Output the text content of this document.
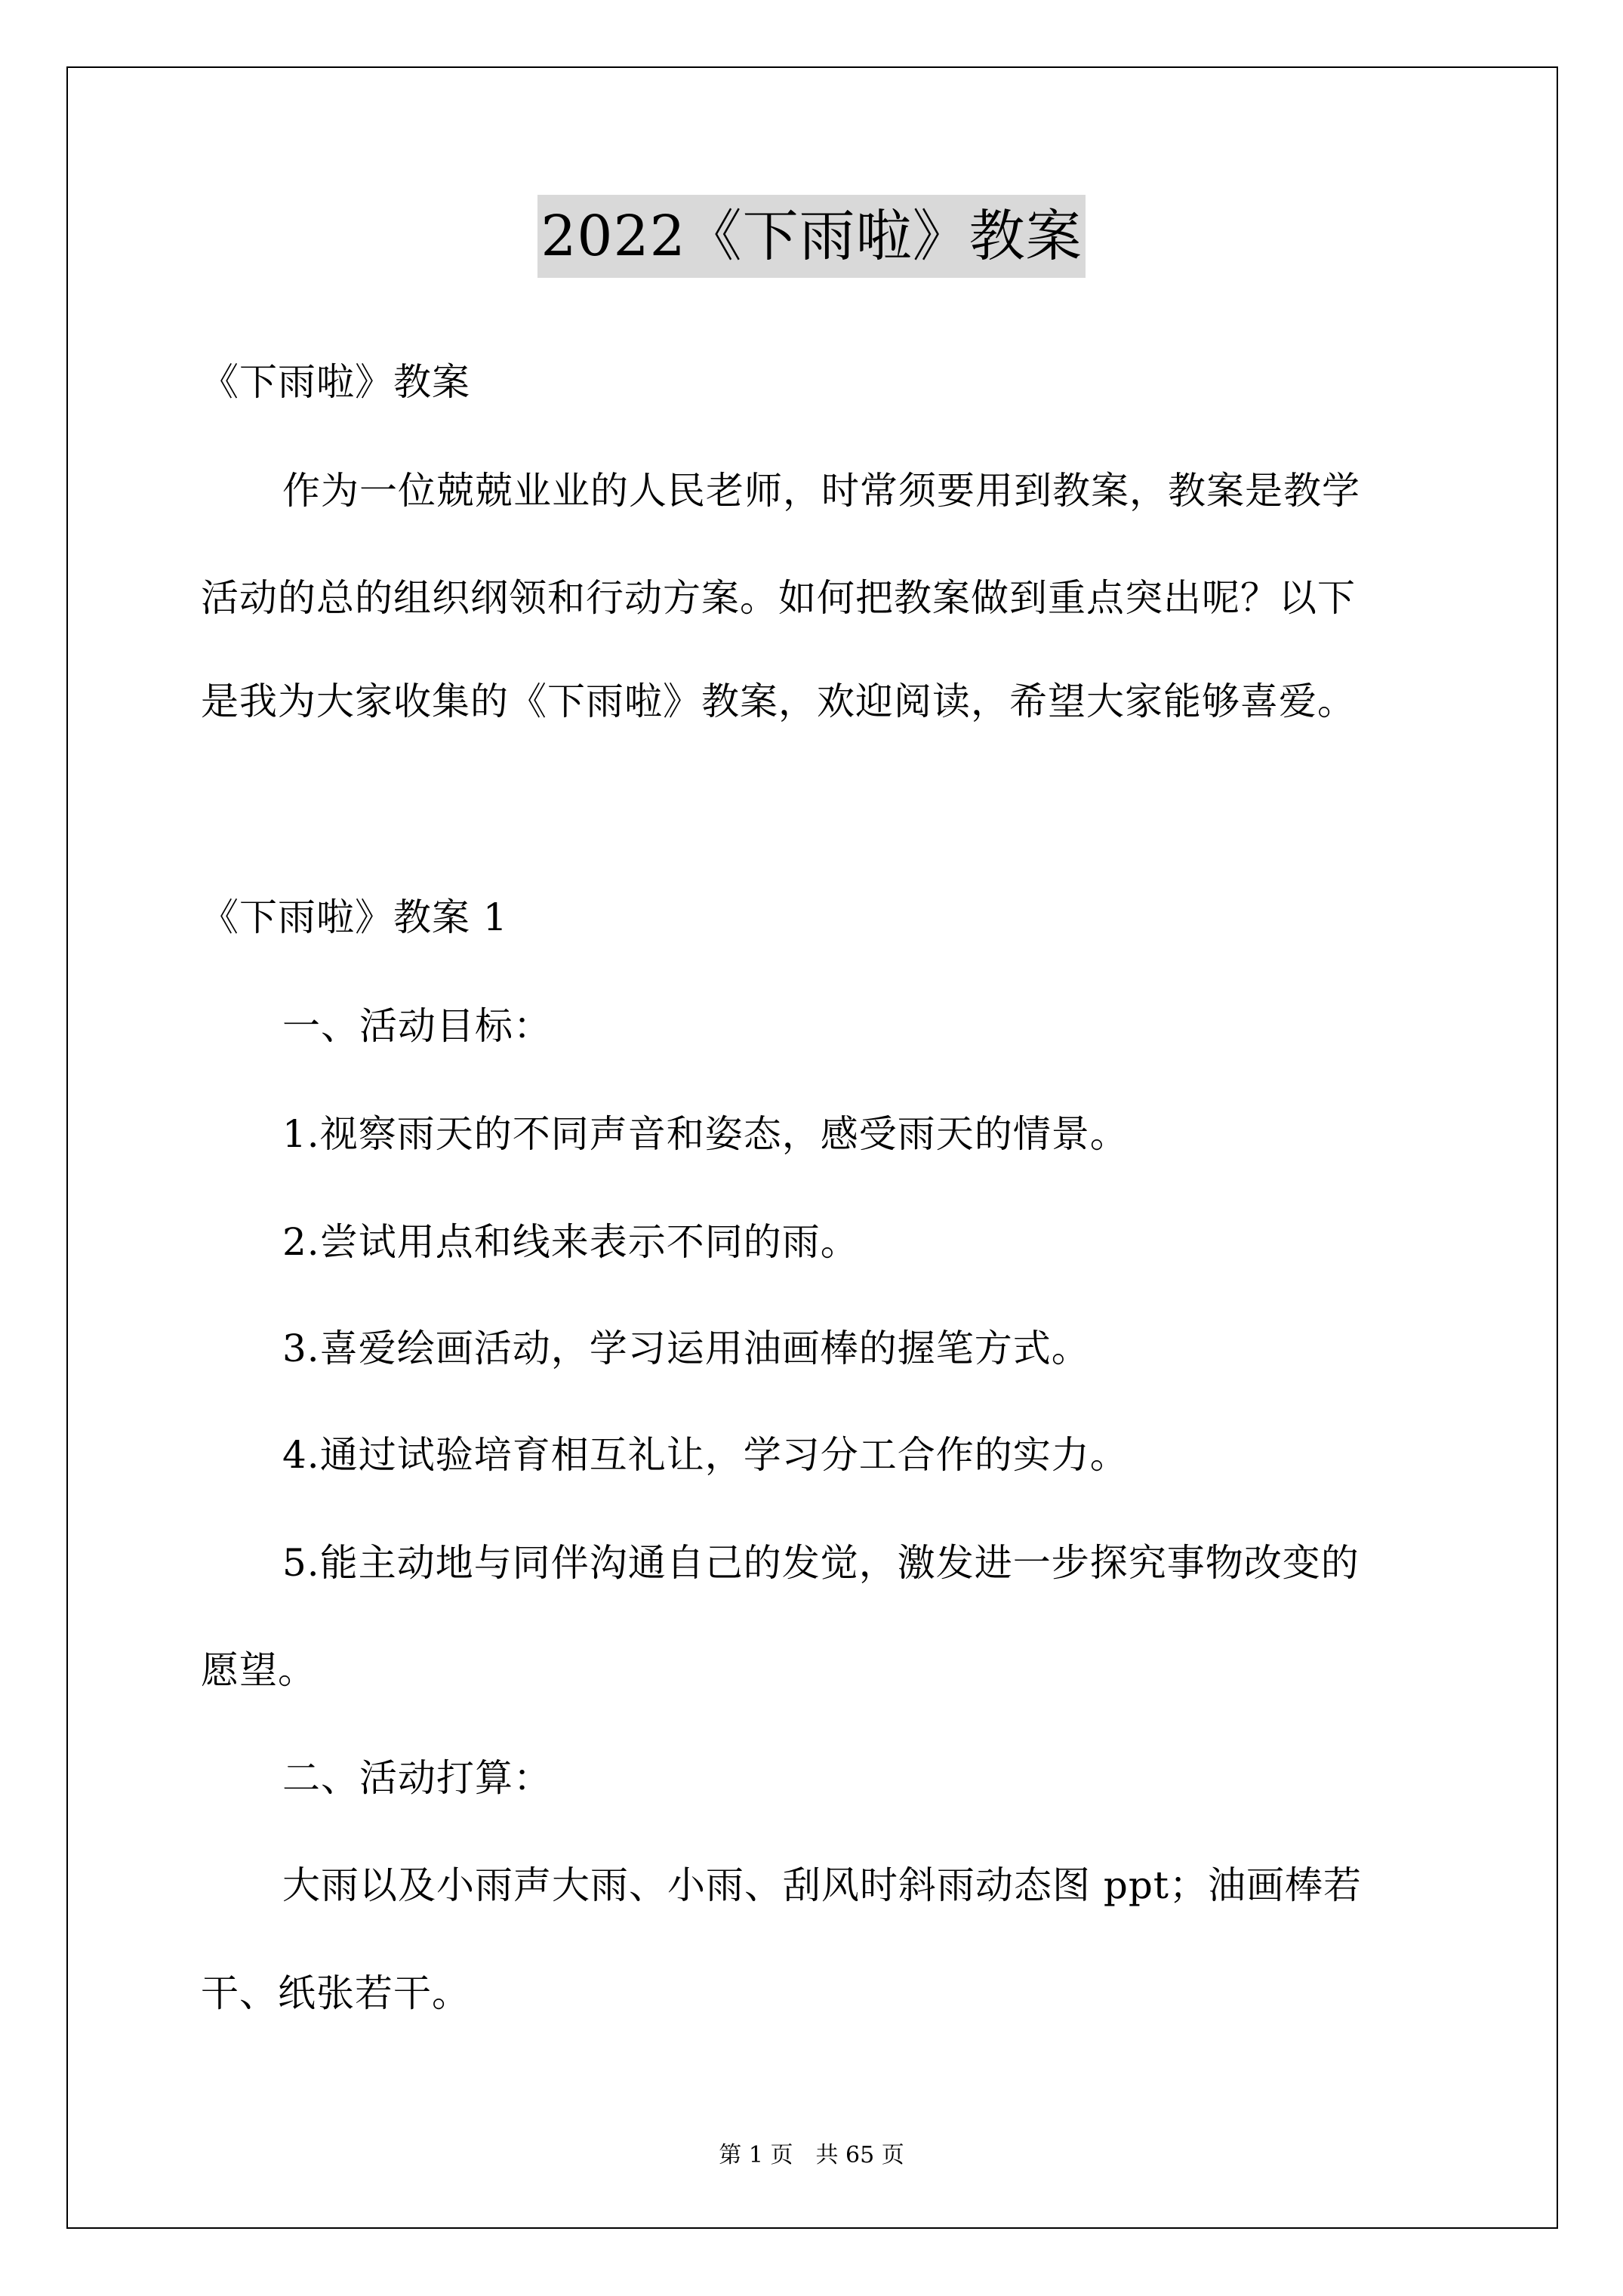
2022《下雨啦》教案
《下雨啦》教案
作为一位兢兢业业的人民老师，时常须要用到教案，教案是教学
活动的总的组织纲领和行动方案。如何把教案做到重点突出呢？以下
是我为大家收集的《下雨啦》教案，欢迎阅读，希望大家能够喜爱。
《下雨啦》教案 1
一、活动目标：
1.视察雨天的不同声音和姿态，感受雨天的情景。
2.尝试用点和线来表示不同的雨。
3.喜爱绘画活动，学习运用油画棒的握笔方式。
4.通过试验培育相互礼让，学习分工合作的实力。
5.能主动地与同伴沟通自己的发觉，激发进一步探究事物改变的
愿望。
二、活动打算：
大雨以及小雨声大雨、小雨、刮风时斜雨动态图 ppt；油画棒若
干、纸张若干。
第 1 页　共 65 页
